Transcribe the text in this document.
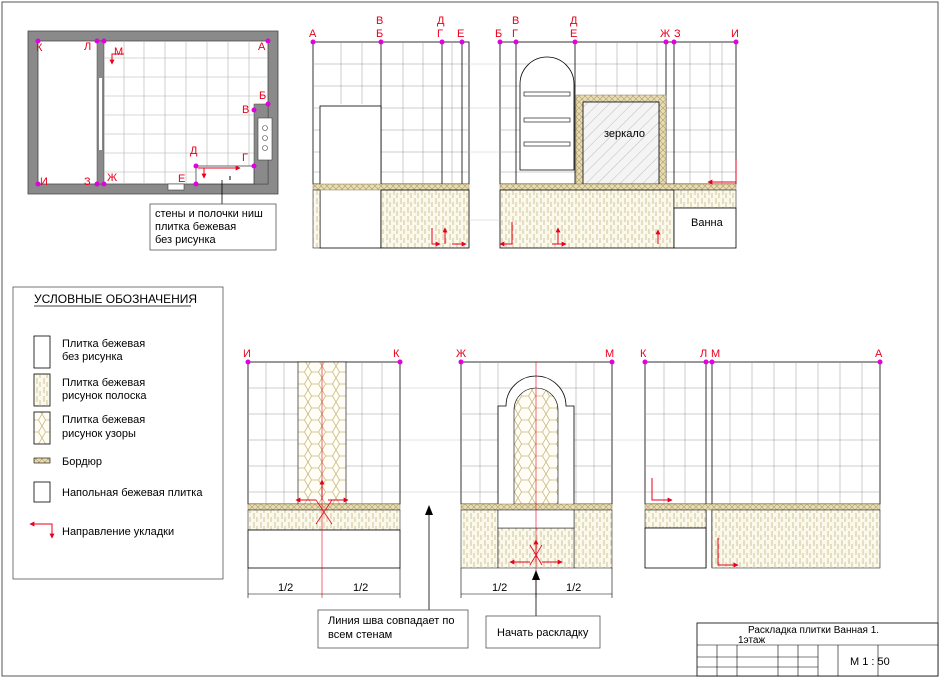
К	Л М	А
В
Б
Д
Г
И	З Ж	Е
стены и полочки ниш
плитка бежевая
без рисунка
А
В
Б
Д
Г Е
зеркало
Ванна
Б
В
Г
Д
Е	Ж З	И
УСЛОВНЫЕ ОБОЗНАЧЕНИЯ
Плитка бежевая
без рисунка
Плитка бежевая
рисунок полоска
Плитка бежевая
рисунок узоры
Бордюр
Напольная бежевая плитка
Направление укладки
1/2	1/2
И	К
1/2	1/2
Ж	М К	Л М	А
Линия шва совпадает по
всем стенам	Начать раскладку	Раскладка плитки Ванная 1.
1этаж
М 1 : 50
